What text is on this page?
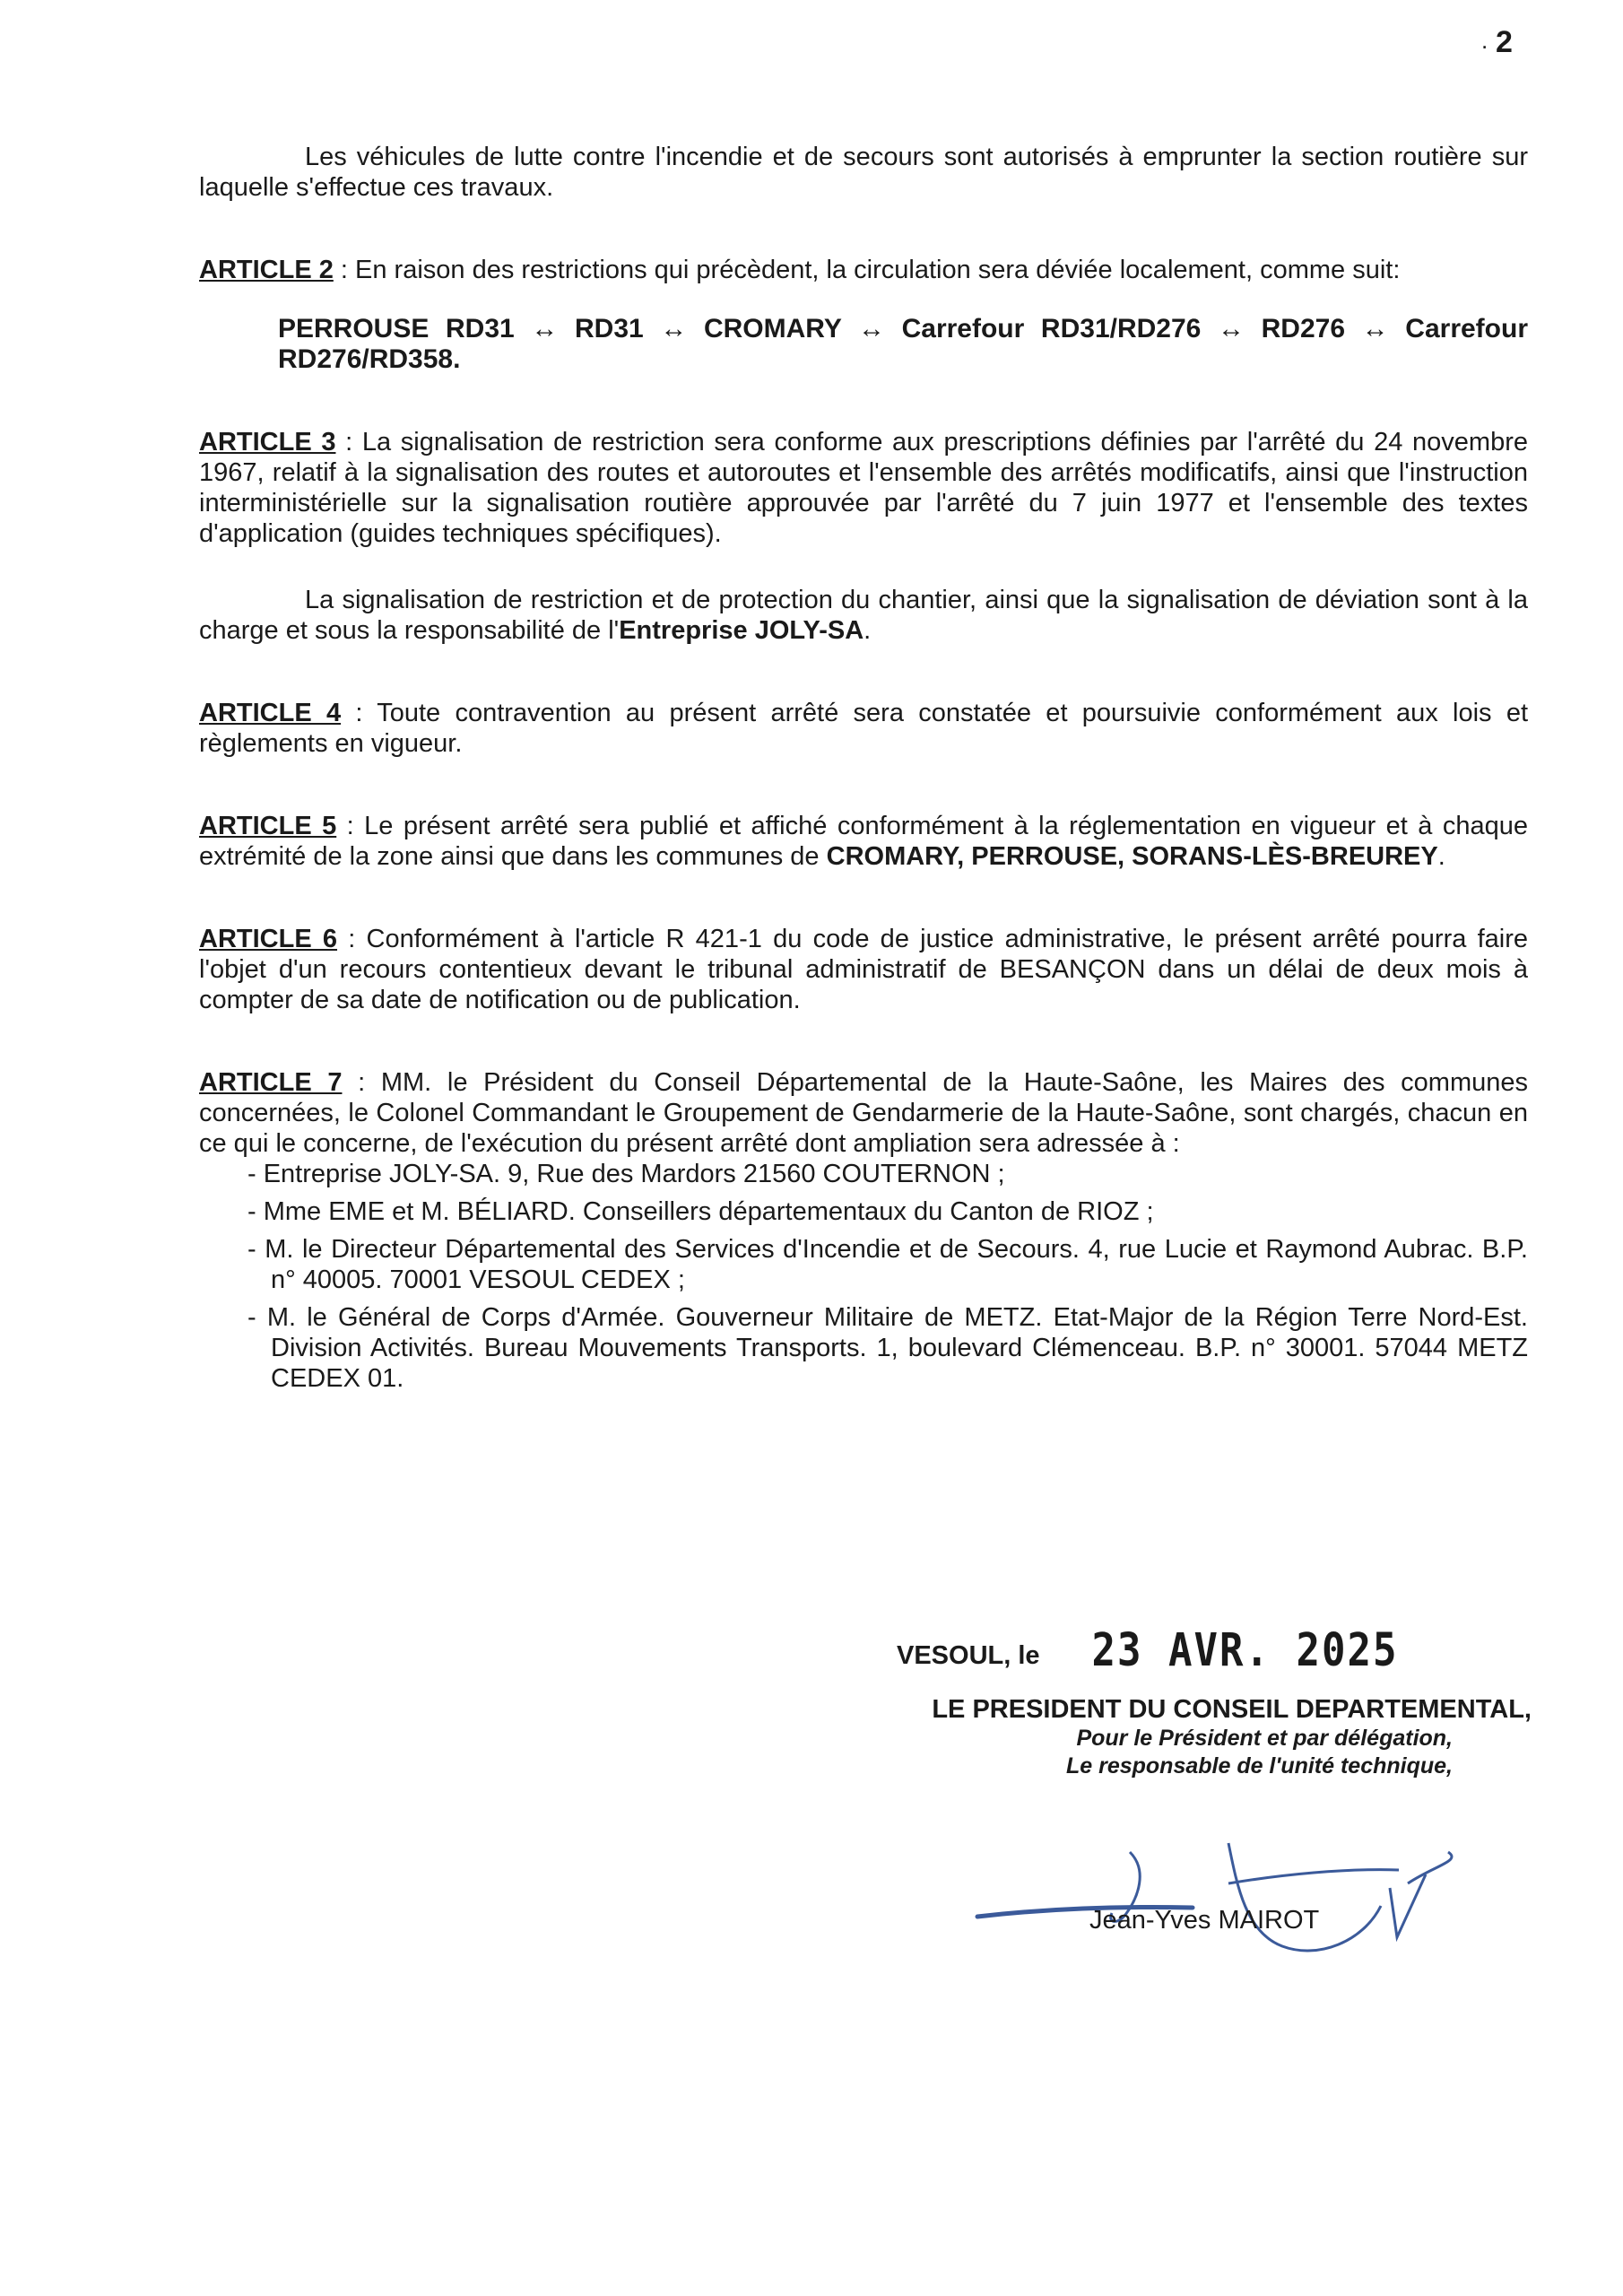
. 2

Les véhicules de lutte contre l'incendie et de secours sont autorisés à emprunter la section routière sur laquelle s'effectue ces travaux.

ARTICLE 2 : En raison des restrictions qui précèdent, la circulation sera déviée localement, comme suit:

PERROUSE RD31 ↔ RD31 ↔ CROMARY ↔ Carrefour RD31/RD276 ↔ RD276 ↔ Carrefour RD276/RD358.

ARTICLE 3 : La signalisation de restriction sera conforme aux prescriptions définies par l'arrêté du 24 novembre 1967, relatif à la signalisation des routes et autoroutes et l'ensemble des arrêtés modificatifs, ainsi que l'instruction interministérielle sur la signalisation routière approuvée par l'arrêté du 7 juin 1977 et l'ensemble des textes d'application (guides techniques spécifiques).

La signalisation de restriction et de protection du chantier, ainsi que la signalisation de déviation sont à la charge et sous la responsabilité de l'Entreprise JOLY-SA.

ARTICLE 4 : Toute contravention au présent arrêté sera constatée et poursuivie conformément aux lois et règlements en vigueur.

ARTICLE 5 : Le présent arrêté sera publié et affiché conformément à la réglementation en vigueur et à chaque extrémité de la zone ainsi que dans les communes de CROMARY, PERROUSE, SORANS-LÈS-BREUREY.

ARTICLE 6 : Conformément à l'article R 421-1 du code de justice administrative, le présent arrêté pourra faire l'objet d'un recours contentieux devant le tribunal administratif de BESANÇON dans un délai de deux mois à compter de sa date de notification ou de publication.

ARTICLE 7 : MM. le Président du Conseil Départemental de la Haute-Saône, les Maires des communes concernées, le Colonel Commandant le Groupement de Gendarmerie de la Haute-Saône, sont chargés, chacun en ce qui le concerne, de l'exécution du présent arrêté dont ampliation sera adressée à :

- Entreprise JOLY-SA. 9, Rue des Mardors 21560 COUTERNON ;
- Mme EME et M. BÉLIARD. Conseillers départementaux du Canton de RIOZ ;
- M. le Directeur Départemental des Services d'Incendie et de Secours. 4, rue Lucie et Raymond Aubrac. B.P. n° 40005. 70001 VESOUL CEDEX ;
- M. le Général de Corps d'Armée. Gouverneur Militaire de METZ. Etat-Major de la Région Terre Nord-Est. Division Activités. Bureau Mouvements Transports. 1, boulevard Clémenceau. B.P. n° 30001. 57044 METZ CEDEX 01.
VESOUL, le 23 AVR. 2025
LE PRESIDENT DU CONSEIL DEPARTEMENTAL,
Pour le Président et par délégation,
Le responsable de l'unité technique,
Jean-Yves MAIROT
